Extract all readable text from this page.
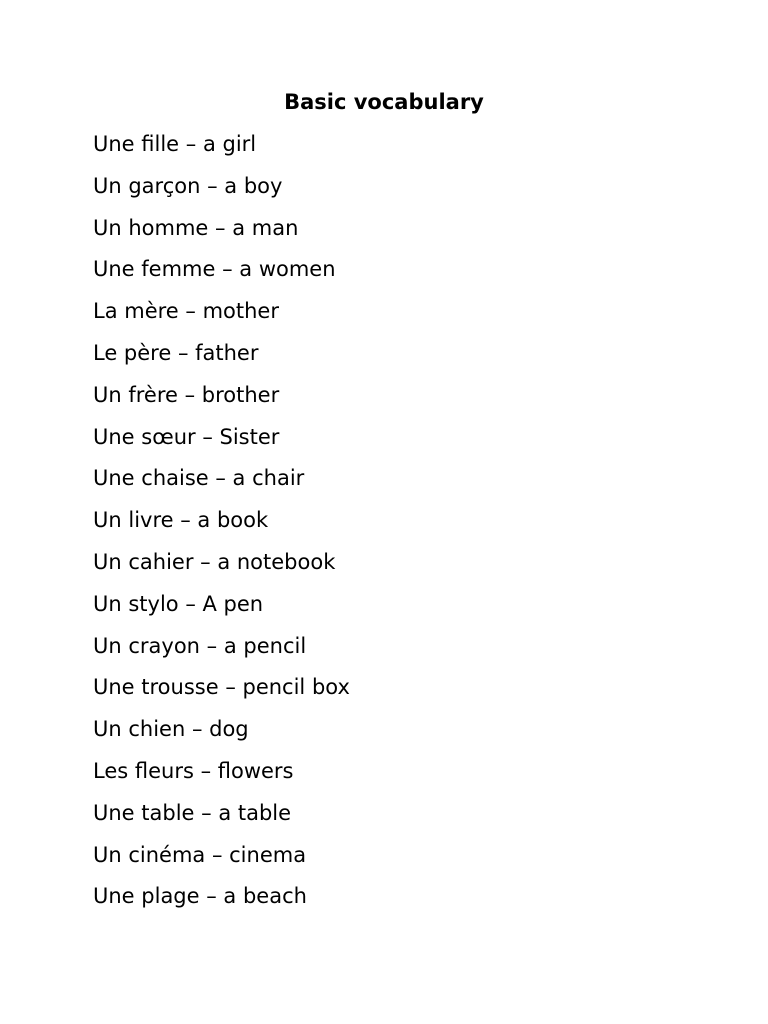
Basic vocabulary
Une fille – a girl
Un garçon – a boy
Un homme – a man
Une femme – a women
La mère – mother
Le père – father
Un frère – brother
Une sœur – Sister
Une chaise – a chair
Un livre – a book
Un cahier – a notebook
Un stylo – A pen
Un crayon – a pencil
Une trousse – pencil box
Un chien – dog
Les fleurs – flowers
Une table – a table
Un cinéma – cinema
Une plage – a beach
